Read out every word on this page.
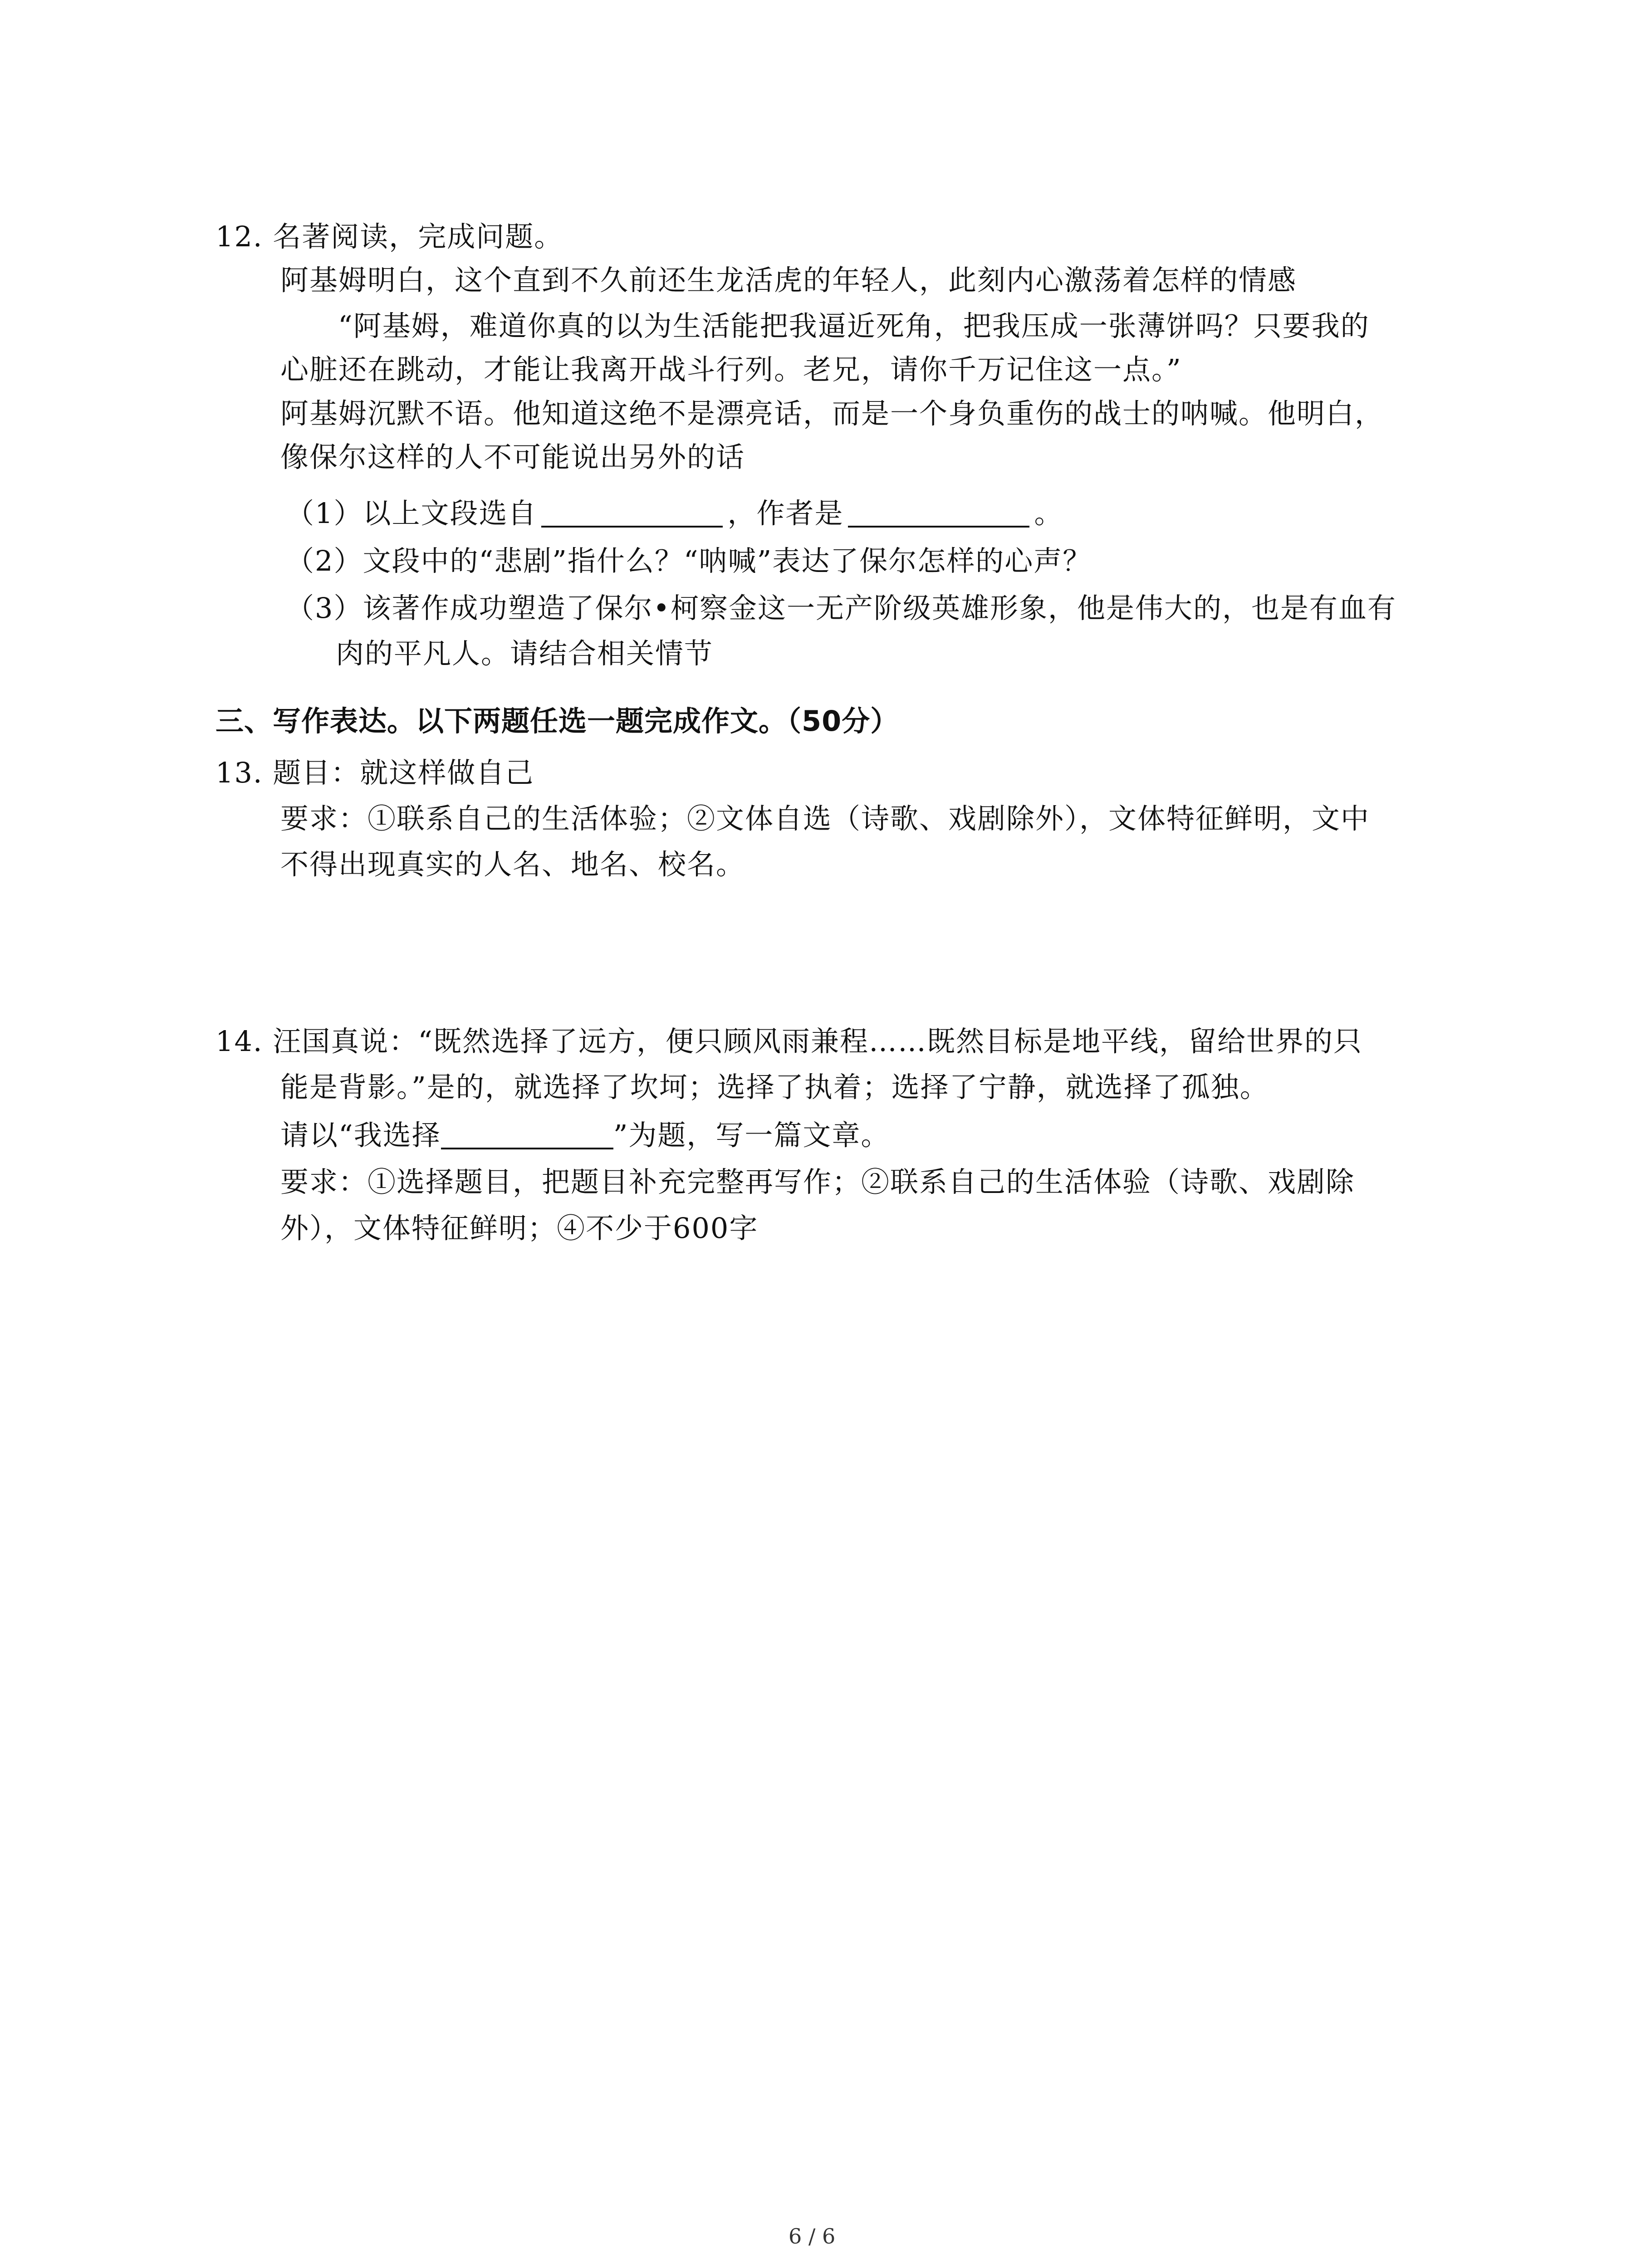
12. 名著阅读，完成问题。
阿基姆明白，这个直到不久前还生龙活虎的年轻人，此刻内心激荡着怎样的情感
“阿基姆，难道你真的以为生活能把我逼近死角，把我压成一张薄饼吗？只要我的
心脏还在跳动，才能让我离开战斗行列。老兄，请你千万记住这一点。”
阿基姆沉默不语。他知道这绝不是漂亮话，而是一个身负重伤的战士的呐喊。他明白，
像保尔这样的人不可能说出另外的话
（1）以上文段选自	，作者是	。
（2）文段中的“悲剧”指什么？“呐喊”表达了保尔怎样的心声？
（3）该著作成功塑造了保尔•柯察金这一无产阶级英雄形象，他是伟大的，也是有血有
肉的平凡人。请结合相关情节
三、写作表达。以下两题任选一题完成作文。（50分）
13. 题目：就这样做自己
要求：①联系自己的生活体验；②文体自选（诗歌、戏剧除外），文体特征鲜明，文中
不得出现真实的人名、地名、校名。
14. 汪国真说：“既然选择了远方，便只顾风雨兼程……既然目标是地平线，留给世界的只
能是背影。”是的，就选择了坎坷；选择了执着；选择了宁静，就选择了孤独。
请以“我选择	”为题，写一篇文章。
要求：①选择题目，把题目补充完整再写作；②联系自己的生活体验（诗歌、戏剧除
外），文体特征鲜明；④不少于600字
6 / 6
